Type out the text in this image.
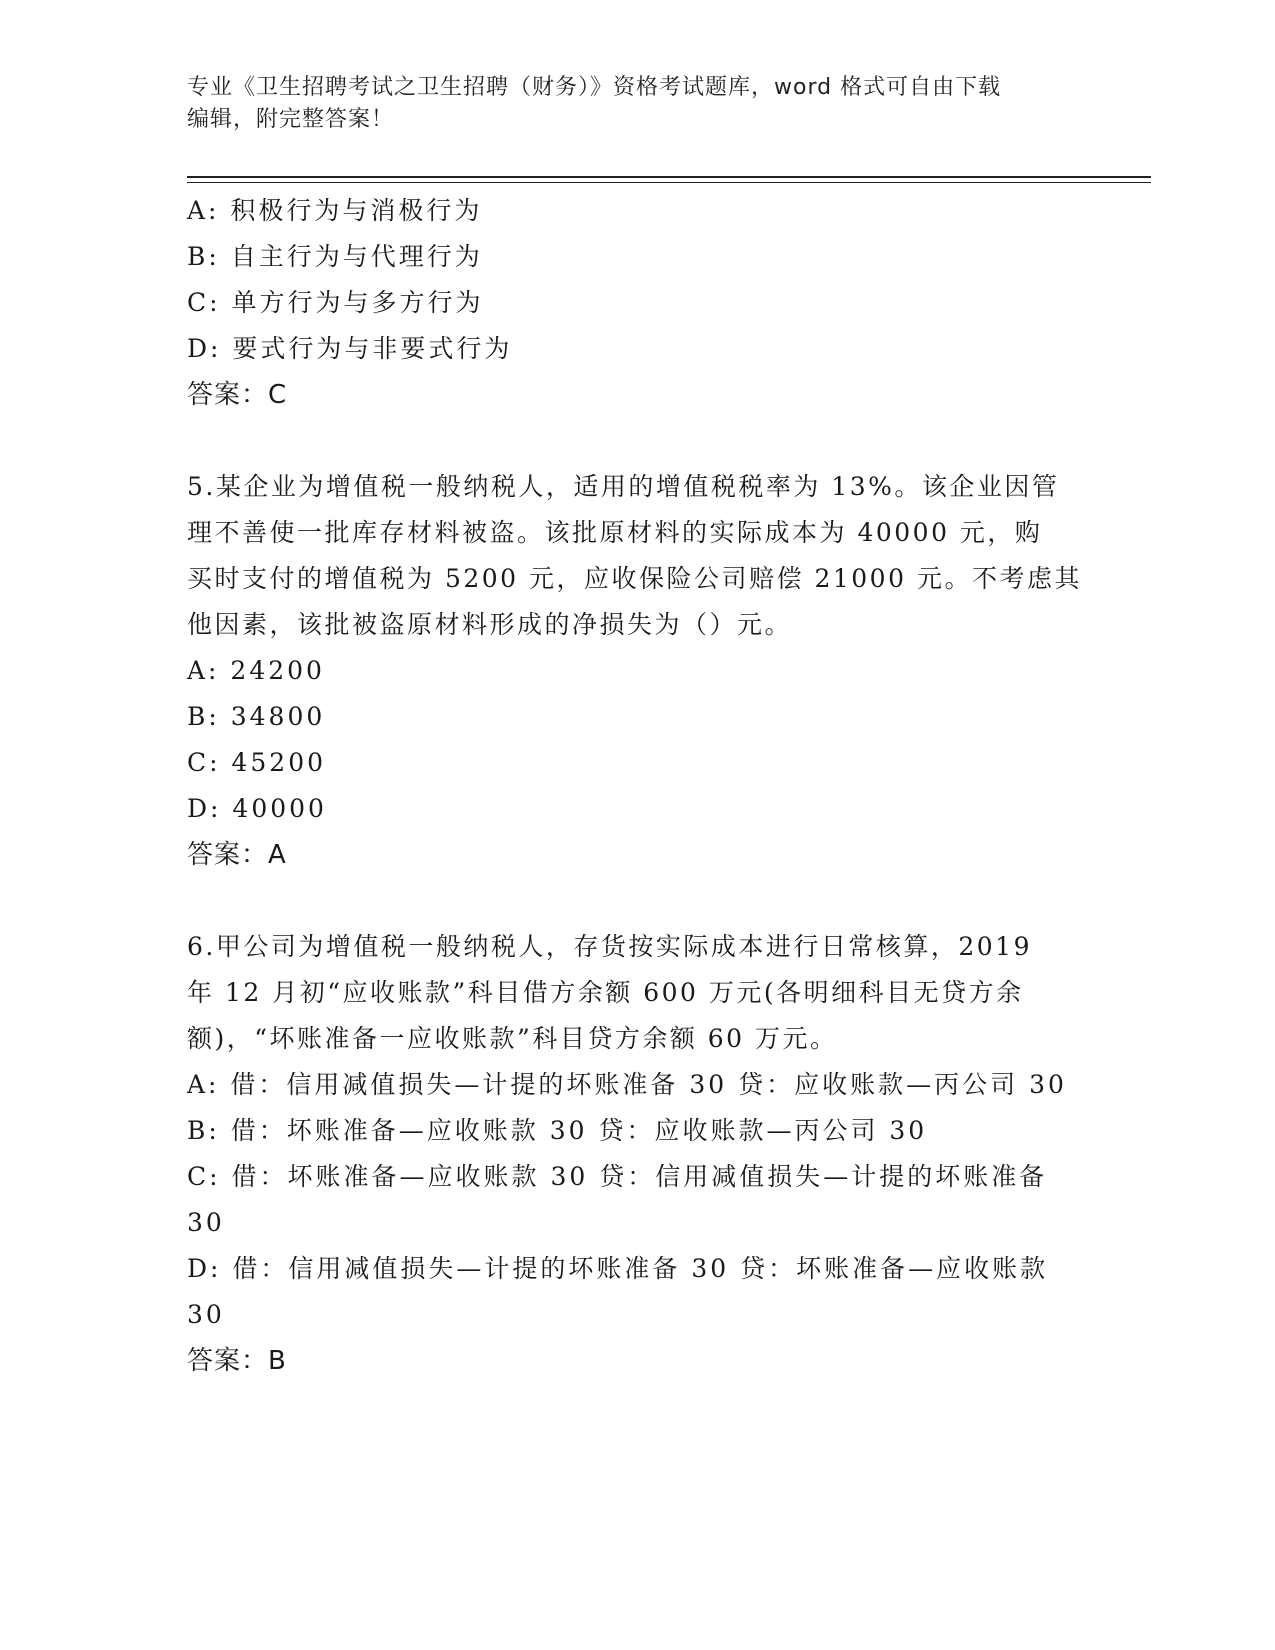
专业《卫生招聘考试之卫生招聘（财务）》资格考试题库，word 格式可自由下载
编辑，附完整答案！
A: 积极行为与消极行为
B: 自主行为与代理行为
C: 单方行为与多方行为
D: 要式行为与非要式行为
答案：C
5.某企业为增值税一般纳税人，适用的增值税税率为 13%。该企业因管
理不善使一批库存材料被盗。该批原材料的实际成本为 40000 元，购
买时支付的增值税为 5200 元，应收保险公司赔偿 21000 元。不考虑其
他因素，该批被盗原材料形成的净损失为（）元。
A: 24200
B: 34800
C: 45200
D: 40000
答案：A
6.甲公司为增值税一般纳税人，存货按实际成本进行日常核算，2019
年 12 月初“应收账款”科目借方余额 600 万元(各明细科目无贷方余
额)，“坏账准备一应收账款”科目贷方余额 60 万元。
A: 借：信用减值损失—计提的坏账准备 30 贷：应收账款—丙公司 30
B: 借：坏账准备—应收账款 30 贷：应收账款—丙公司 30
C: 借：坏账准备—应收账款 30 贷：信用减值损失—计提的坏账准备
30
D: 借：信用减值损失—计提的坏账准备 30 贷：坏账准备—应收账款
30
答案：B
